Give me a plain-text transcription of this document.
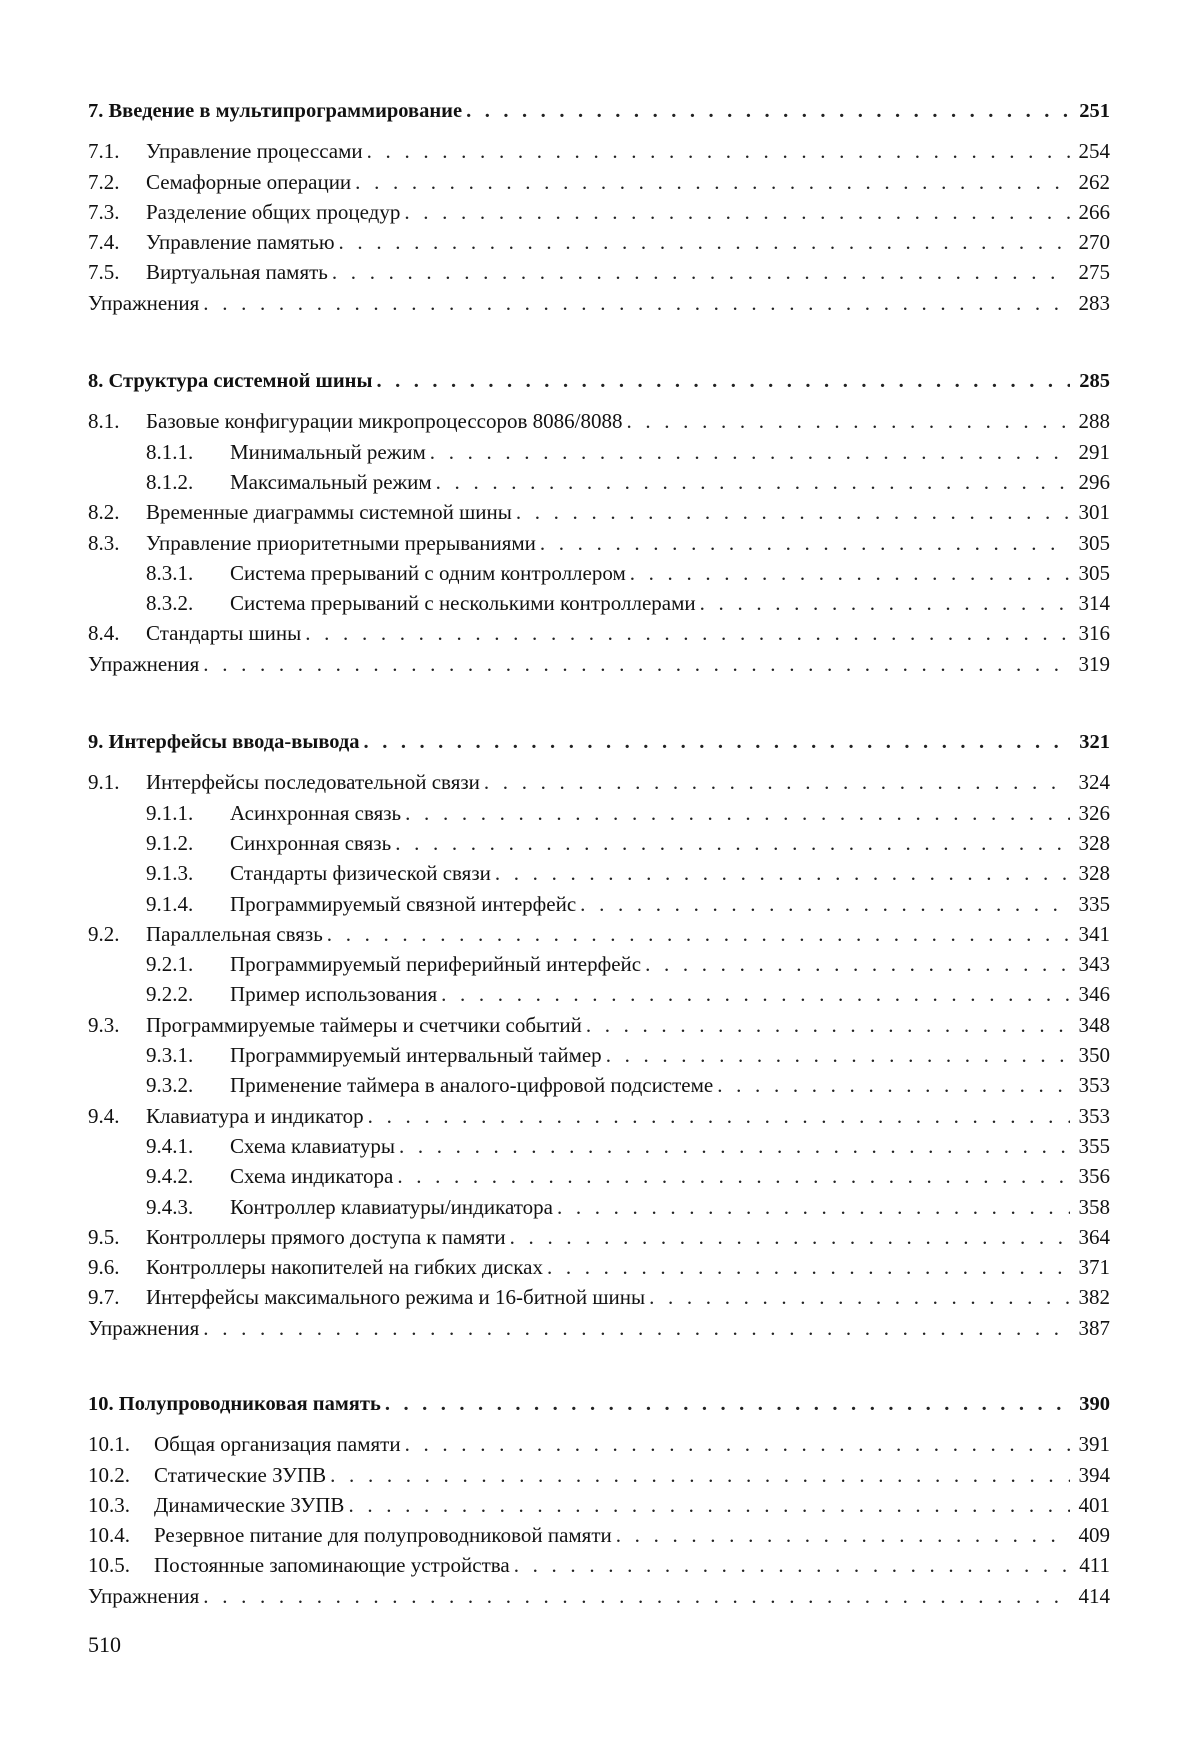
7. Введение в мультипрограммирование . . .	251
7.1.	Управление процессами . . .	254
7.2.	Семафорные операции . . .	262
7.3.	Разделение общих процедур . . .	266
7.4.	Управление памятью . . .	270
7.5.	Виртуальная память . . .	275
Упражнения . . .	283
8. Структура системной шины . . .	285
8.1.	Базовые конфигурации микропроцессоров 8086/8088 . . .	288
8.1.1.	Минимальный режим . . .	291
8.1.2.	Максимальный режим . . .	296
8.2.	Временные диаграммы системной шины . . .	301
8.3.	Управление приоритетными прерываниями . . .	305
8.3.1.	Система прерываний с одним контроллером . . .	305
8.3.2.	Система прерываний с несколькими контроллерами . . .	314
8.4.	Стандарты шины . . .	316
Упражнения . . .	319
9. Интерфейсы ввода-вывода . . .	321
9.1.	Интерфейсы последовательной связи . . .	324
9.1.1.	Асинхронная связь . . .	326
9.1.2.	Синхронная связь . . .	328
9.1.3.	Стандарты физической связи . . .	328
9.1.4.	Программируемый связной интерфейс . . .	335
9.2.	Параллельная связь . . .	341
9.2.1.	Программируемый периферийный интерфейс . . .	343
9.2.2.	Пример использования . . .	346
9.3.	Программируемые таймеры и счетчики событий . . .	348
9.3.1.	Программируемый интервальный таймер . . .	350
9.3.2.	Применение таймера в аналого-цифровой подсистеме . . .	353
9.4.	Клавиатура и индикатор . . .	353
9.4.1.	Схема клавиатуры . . .	355
9.4.2.	Схема индикатора . . .	356
9.4.3.	Контроллер клавиатуры/индикатора . . .	358
9.5.	Контроллеры прямого доступа к памяти . . .	364
9.6.	Контроллеры накопителей на гибких дисках . . .	371
9.7.	Интерфейсы максимального режима и 16-битной шины . . .	382
Упражнения . . .	387
10. Полупроводниковая память . . .	390
10.1.	Общая организация памяти . . .	391
10.2.	Статические ЗУПВ . . .	394
10.3.	Динамические ЗУПВ . . .	401
10.4.	Резервное питание для полупроводниковой памяти . . .	409
10.5.	Постоянные запоминающие устройства . . .	411
Упражнения . . .	414
510
